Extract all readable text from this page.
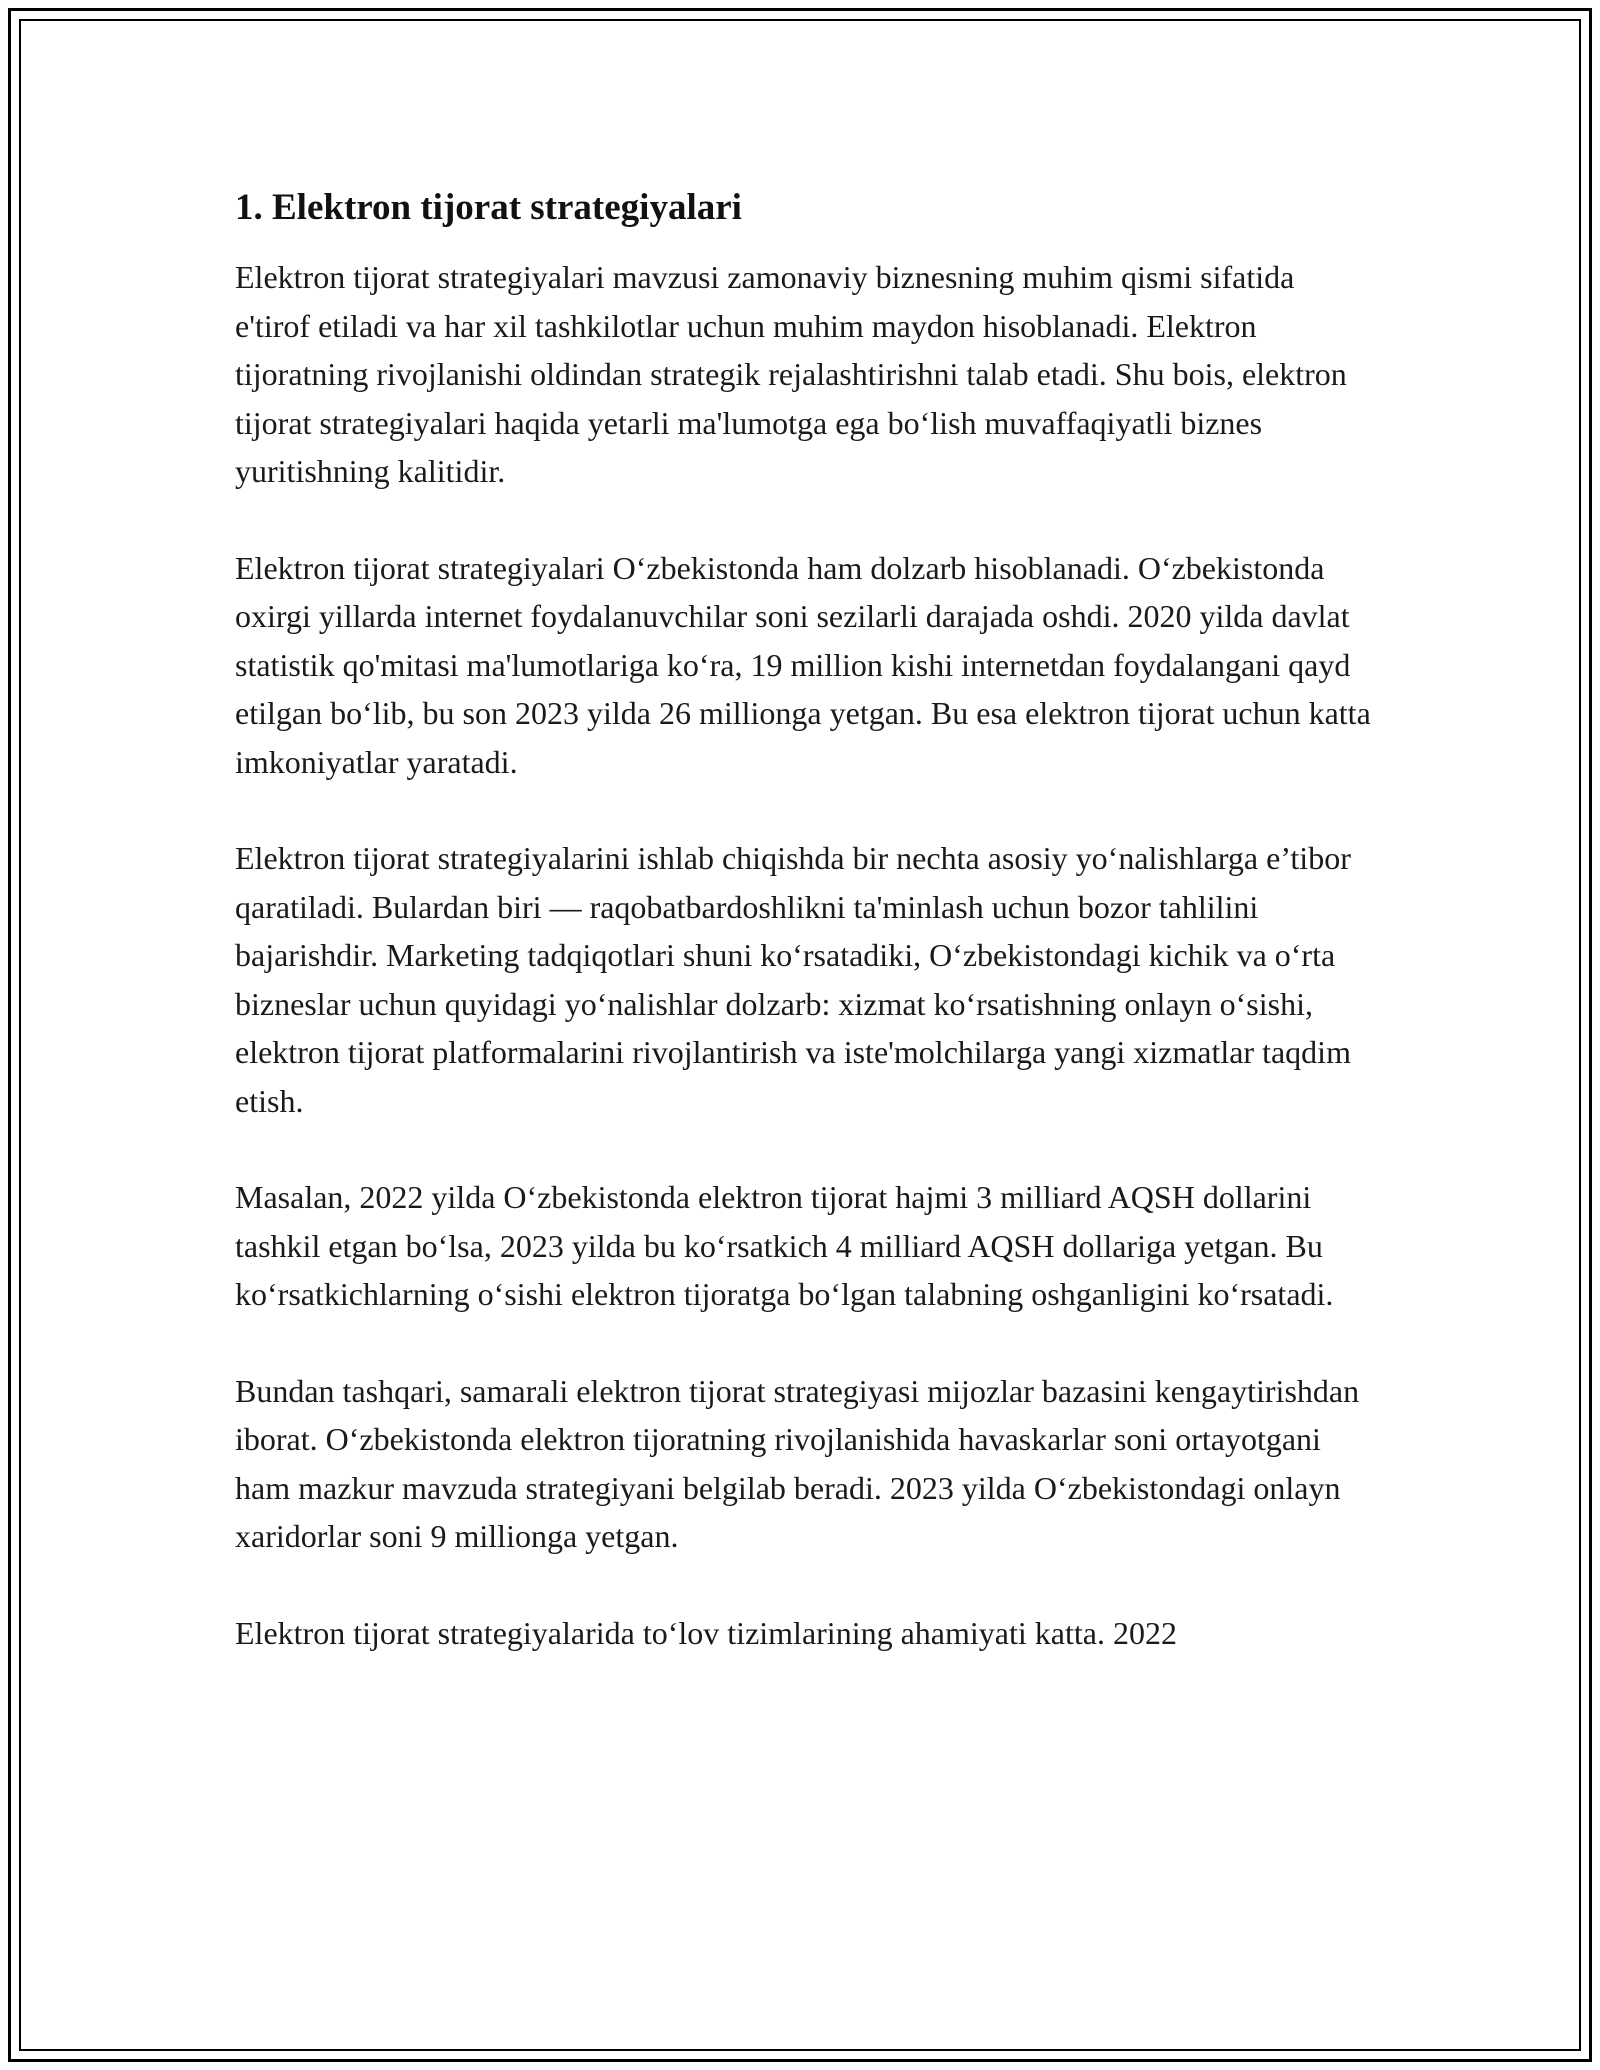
1. Elektron tijorat strategiyalari

Elektron tijorat strategiyalari mavzusi zamonaviy biznesning muhim qismi sifatida e'tirof etiladi va har xil tashkilotlar uchun muhim maydon hisoblanadi. Elektron tijoratning rivojlanishi oldindan strategik rejalashtirishni talab etadi. Shu bois, elektron tijorat strategiyalari haqida yetarli ma'lumotga ega bo‘lish muvaffaqiyatli biznes yuritishning kalitidir.

Elektron tijorat strategiyalari O‘zbekistonda ham dolzarb hisoblanadi. O‘zbekistonda oxirgi yillarda internet foydalanuvchilar soni sezilarli darajada oshdi. 2020 yilda davlat statistik qo'mitasi ma'lumotlariga ko‘ra, 19 million kishi internetdan foydalangani qayd etilgan bo‘lib, bu son 2023 yilda 26 millionga yetgan. Bu esa elektron tijorat uchun katta imkoniyatlar yaratadi.

Elektron tijorat strategiyalarini ishlab chiqishda bir nechta asosiy yo‘nalishlarga e’tibor qaratiladi. Bulardan biri — raqobatbardoshlikni ta'minlash uchun bozor tahlilini bajarishdir. Marketing tadqiqotlari shuni ko‘rsatadiki, O‘zbekistondagi kichik va o‘rta bizneslar uchun quyidagi yo‘nalishlar dolzarb: xizmat ko‘rsatishning onlayn o‘sishi, elektron tijorat platformalarini rivojlantirish va iste'molchilarga yangi xizmatlar taqdim etish.

Masalan, 2022 yilda O‘zbekistonda elektron tijorat hajmi 3 milliard AQSH dollarini tashkil etgan bo‘lsa, 2023 yilda bu ko‘rsatkich 4 milliard AQSH dollariga yetgan. Bu ko‘rsatkichlarning o‘sishi elektron tijoratga bo‘lgan talabning oshganligini ko‘rsatadi.

Bundan tashqari, samarali elektron tijorat strategiyasi mijozlar bazasini kengaytirishdan iborat. O‘zbekistonda elektron tijoratning rivojlanishida havaskarlar soni ortayotgani ham mazkur mavzuda strategiyani belgilab beradi. 2023 yilda O‘zbekistondagi onlayn xaridorlar soni 9 millionga yetgan.

Elektron tijorat strategiyalarida to‘lov tizimlarining ahamiyati katta. 2022
